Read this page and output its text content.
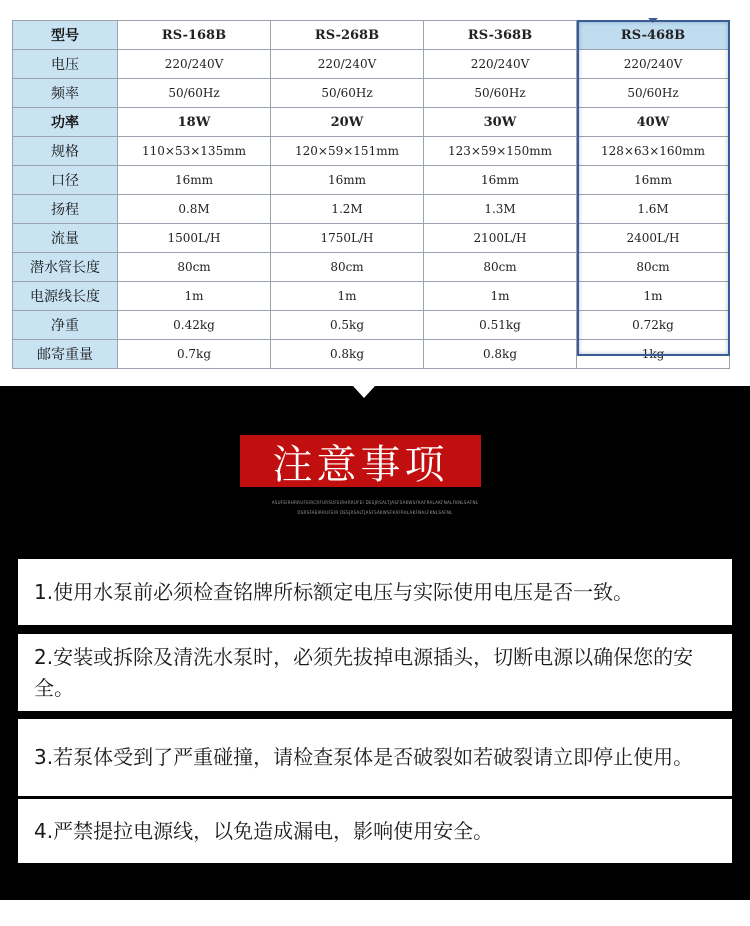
型号	RS-168B	RS-268B	RS-368B	RS-468B
电压	220/240V	220/240V	220/240V	220/240V
频率	50/60Hz	50/60Hz	50/60Hz	50/60Hz
功率	18W	20W	30W	40W
规格	110×53×135mm	120×59×151mm	123×59×150mm	128×63×160mm
口径	16mm	16mm	16mm	16mm
扬程	0.8M	1.2M	1.3M	1.6M
流量	1500L/H	1750L/H	2100L/H	2400L/H
潜水管长度	80cm	80cm	80cm	80cm
电源线长度	1m	1m	1m	1m
净重	0.42kg	0.5kg	0.51kg	0.72kg
邮寄重量	0.7kg	0.8kg	0.8kg	1kg
注意事项
ASUFEIRHRRUFEIRCRFURSUFEIRHRRUFEI DESJRSALTJASFSAKWSFKAFRALAKFNALFKNLSAFNL
DSRSFAEIRRUFEIR DESJRSALTJASFSAKWSFKAFRALAKFNALFKNLSAFNL
1.使用水泵前必须检查铭牌所标额定电压与实际使用电压是否一致。
2.安装或拆除及清洗水泵时，必须先拔掉电源插头，切断电源以确保您的安全。
3.若泵体受到了严重碰撞，请检查泵体是否破裂如若破裂请立即停止使用。
4.严禁提拉电源线，以免造成漏电，影响使用安全。
